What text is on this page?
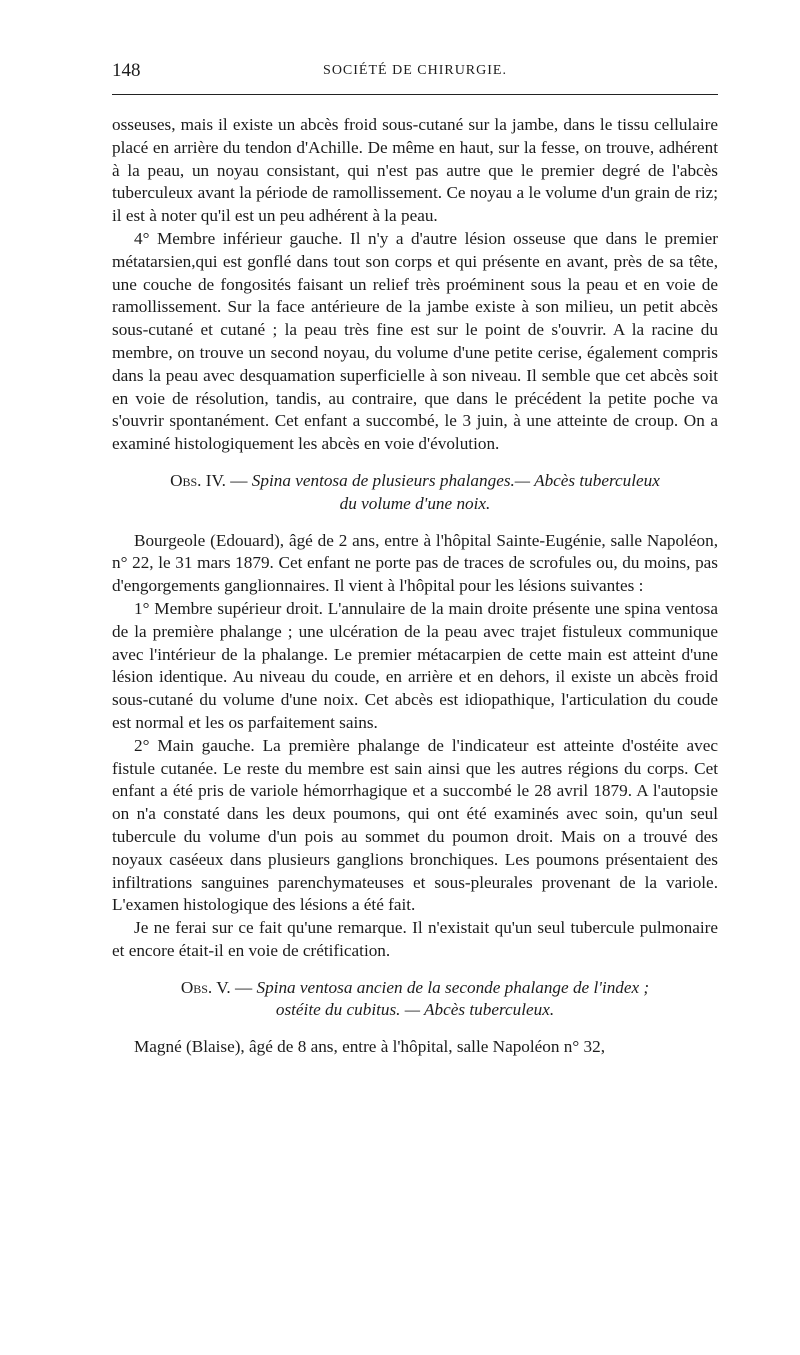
148	SOCIÉTÉ DE CHIRURGIE.

osseuses, mais il existe un abcès froid sous-cutané sur la jambe, dans le tissu cellulaire placé en arrière du tendon d'Achille. De même en haut, sur la fesse, on trouve, adhérent à la peau, un noyau consistant, qui n'est pas autre que le premier degré de l'abcès tuberculeux avant la période de ramollissement. Ce noyau a le volume d'un grain de riz; il est à noter qu'il est un peu adhérent à la peau.

4° Membre inférieur gauche. Il n'y a d'autre lésion osseuse que dans le premier métatarsien,qui est gonflé dans tout son corps et qui présente en avant, près de sa tête, une couche de fongosités faisant un relief très proéminent sous la peau et en voie de ramollissement. Sur la face antérieure de la jambe existe à son milieu, un petit abcès sous-cutané et cutané ; la peau très fine est sur le point de s'ouvrir. A la racine du membre, on trouve un second noyau, du volume d'une petite cerise, également compris dans la peau avec desquamation superficielle à son niveau. Il semble que cet abcès soit en voie de résolution, tandis, au contraire, que dans le précédent la petite poche va s'ouvrir spontanément. Cet enfant a succombé, le 3 juin, à une atteinte de croup. On a examiné histologiquement les abcès en voie d'évolution.

Obs. IV. — Spina ventosa de plusieurs phalanges.— Abcès tuberculeux
du volume d'une noix.

Bourgeole (Edouard), âgé de 2 ans, entre à l'hôpital Sainte-Eugénie, salle Napoléon, n° 22, le 31 mars 1879. Cet enfant ne porte pas de traces de scrofules ou, du moins, pas d'engorgements ganglionnaires. Il vient à l'hôpital pour les lésions suivantes :

1° Membre supérieur droit. L'annulaire de la main droite présente une spina ventosa de la première phalange ; une ulcération de la peau avec trajet fistuleux communique avec l'intérieur de la phalange. Le premier métacarpien de cette main est atteint d'une lésion identique. Au niveau du coude, en arrière et en dehors, il existe un abcès froid sous-cutané du volume d'une noix. Cet abcès est idiopathique, l'articulation du coude est normal et les os parfaitement sains.

2° Main gauche. La première phalange de l'indicateur est atteinte d'ostéite avec fistule cutanée. Le reste du membre est sain ainsi que les autres régions du corps. Cet enfant a été pris de variole hémorrhagique et a succombé le 28 avril 1879. A l'autopsie on n'a constaté dans les deux poumons, qui ont été examinés avec soin, qu'un seul tubercule du volume d'un pois au sommet du poumon droit. Mais on a trouvé des noyaux caséeux dans plusieurs ganglions bronchiques. Les poumons présentaient des infiltrations sanguines parenchymateuses et sous-pleurales provenant de la variole. L'examen histologique des lésions a été fait.

Je ne ferai sur ce fait qu'une remarque. Il n'existait qu'un seul tubercule pulmonaire et encore était-il en voie de crétification.

Obs. V. — Spina ventosa ancien de la seconde phalange de l'index ;
ostéite du cubitus. — Abcès tuberculeux.

Magné (Blaise), âgé de 8 ans, entre à l'hôpital, salle Napoléon n° 32,
